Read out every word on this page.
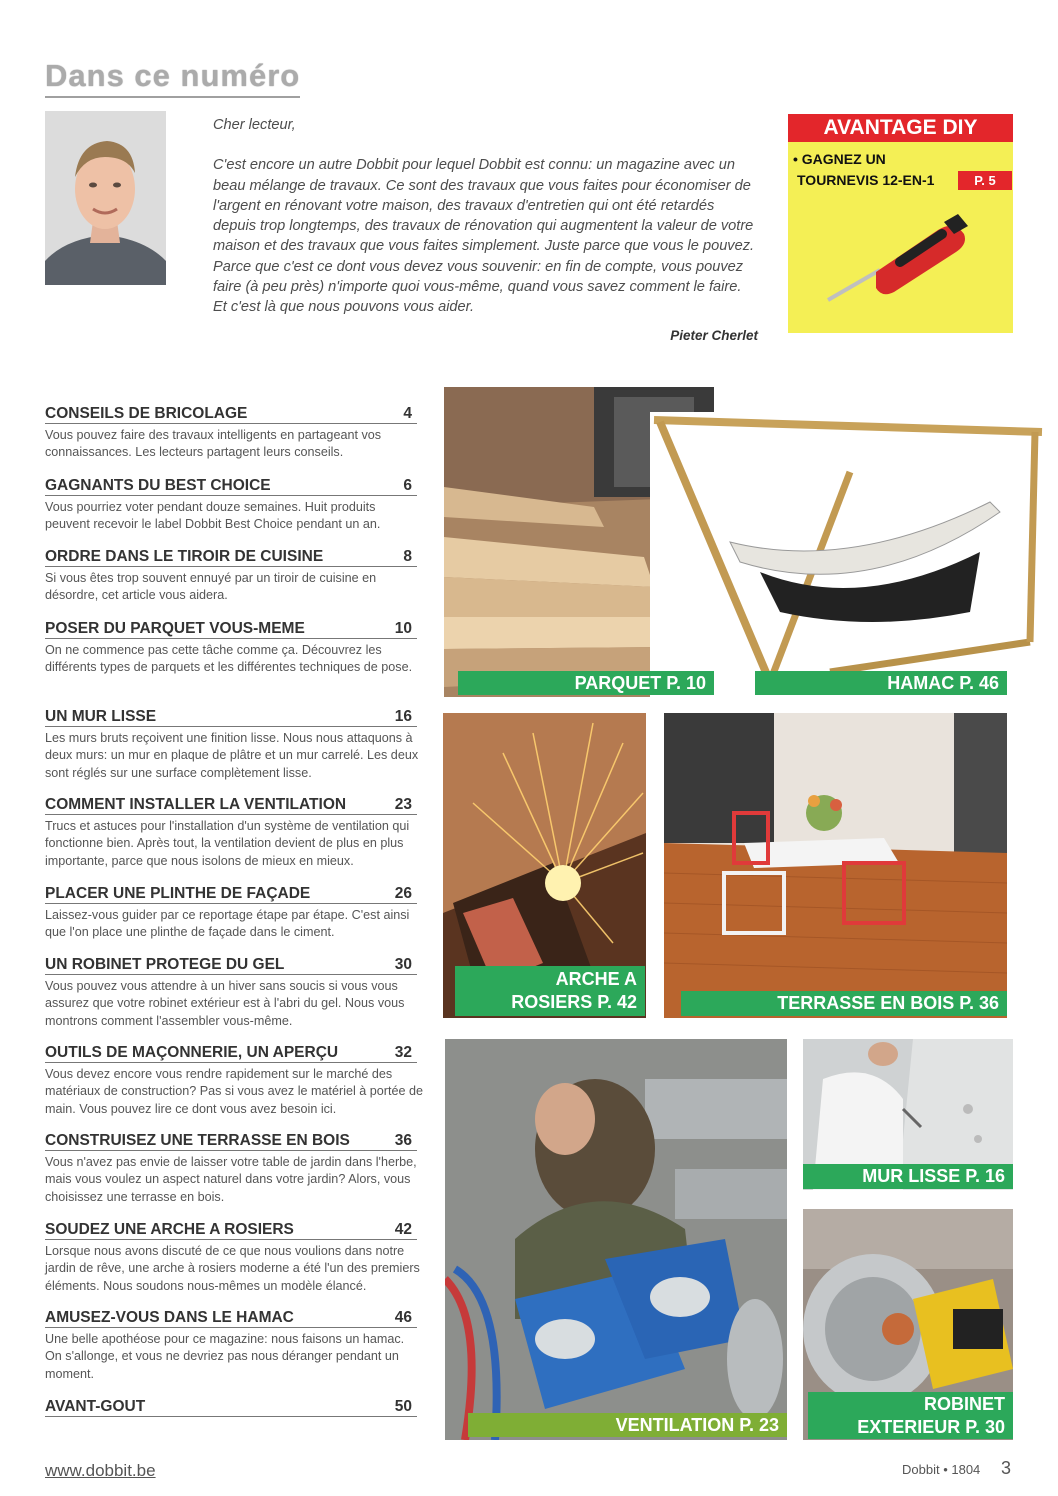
Dans ce numéro

Cher lecteur,

C'est encore un autre Dobbit pour lequel Dobbit est connu: un magazine avec un beau mélange de travaux. Ce sont des travaux que vous faites pour économiser de l'argent en rénovant votre maison, des travaux d'entretien qui ont été retardés depuis trop longtemps, des travaux de rénovation qui augmentent la valeur de votre maison et des travaux que vous faites simplement. Juste parce que vous le pouvez. Parce que c'est ce dont vous devez vous souvenir: en fin de compte, vous pouvez faire (à peu près) n'importe quoi vous-même, quand vous savez comment le faire. Et c'est là que nous pouvons vous aider.

Pieter Cherlet

AVANTAGE DIY
• GAGNEZ UN
TOURNEVIS 12-EN-1	P. 5
CONSEILS DE BRICOLAGE	4
Vous pouvez faire des travaux intelligents en partageant vos connaissances. Les lecteurs partagent leurs conseils.
GAGNANTS DU BEST CHOICE	6
Vous pourriez voter pendant douze semaines. Huit produits peuvent recevoir le label Dobbit Best Choice pendant un an.
ORDRE DANS LE TIROIR DE CUISINE	8
Si vous êtes trop souvent ennuyé par un tiroir de cuisine en désordre, cet article vous aidera.
POSER DU PARQUET VOUS-MEME	10
On ne commence pas cette tâche comme ça. Découvrez les différents types de parquets et les différentes techniques de pose.
UN MUR LISSE	16
Les murs bruts reçoivent une finition lisse. Nous nous attaquons à deux murs: un mur en plaque de plâtre et un mur carrelé. Les deux sont réglés sur une surface complètement lisse.
COMMENT INSTALLER LA VENTILATION	23
Trucs et astuces pour l'installation d'un système de ventilation qui fonctionne bien. Après tout, la ventilation devient de plus en plus importante, parce que nous isolons de mieux en mieux.
PLACER UNE PLINTHE DE FAÇADE	26
Laissez-vous guider par ce reportage étape par étape. C'est ainsi que l'on place une plinthe de façade dans le ciment.
UN ROBINET PROTEGE DU GEL	30
Vous pouvez vous attendre à un hiver sans soucis si vous vous assurez que votre robinet extérieur est à l'abri du gel. Nous vous montrons comment l'assembler vous-même.
OUTILS DE MAÇONNERIE, UN APERÇU	32
Vous devez encore vous rendre rapidement sur le marché des matériaux de construction? Pas si vous avez le matériel à portée de main. Vous pouvez lire ce dont vous avez besoin ici.
CONSTRUISEZ UNE TERRASSE EN BOIS	36
Vous n'avez pas envie de laisser votre table de jardin dans l'herbe, mais vous voulez un aspect naturel dans votre jardin? Alors, vous choisissez une terrasse en bois.
SOUDEZ UNE ARCHE A ROSIERS	42
Lorsque nous avons discuté de ce que nous voulions dans notre jardin de rêve, une arche à rosiers moderne a été l'un des premiers éléments. Nous soudons nous-mêmes un modèle élancé.
AMUSEZ-VOUS DANS LE HAMAC	46
Une belle apothéose pour ce magazine: nous faisons un hamac. On s'allonge, et vous ne devriez pas nous déranger pendant un moment.
AVANT-GOUT	50
PARQUET P. 10	HAMAC P. 46
ARCHE A
ROSIERS P. 42	TERRASSE EN BOIS P. 36
VENTILATION P. 23
MUR LISSE P. 16
ROBINET
EXTERIEUR P. 30
www.dobbit.be	Dobbit • 1804 3
